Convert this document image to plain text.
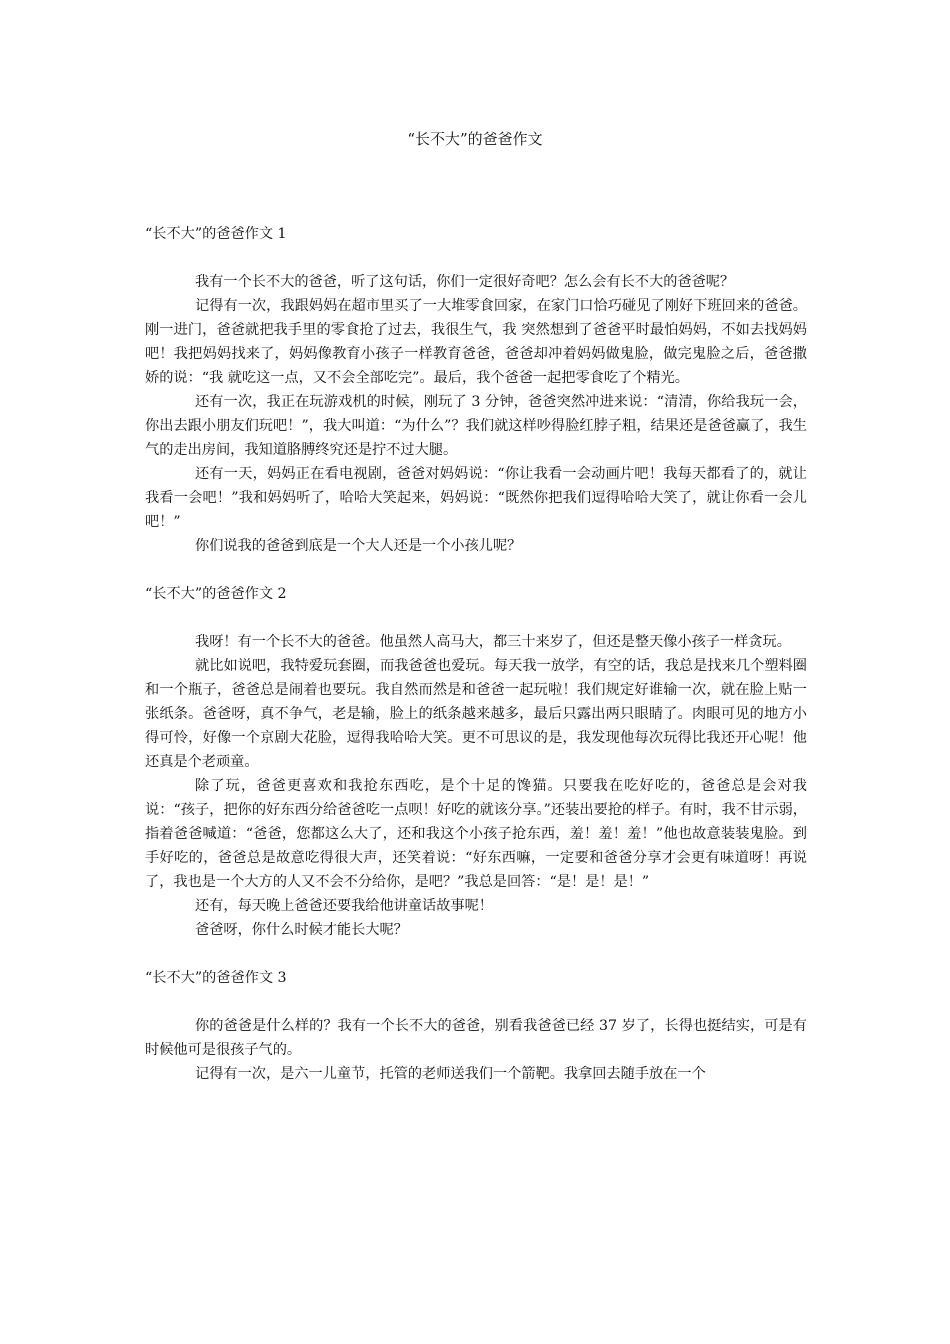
“长不大”的爸爸作文

“长不大”的爸爸作文 1

我有一个长不大的爸爸，听了这句话，你们一定很好奇吧？怎么会有长不大的爸爸呢？

记得有一次，我跟妈妈在超市里买了一大堆零食回家，在家门口恰巧碰见了刚好下班回来的爸爸。刚一进门，爸爸就把我手里的零食抢了过去，我很生气，我 突然想到了爸爸平时最怕妈妈，不如去找妈妈吧！我把妈妈找来了，妈妈像教育小孩子一样教育爸爸，爸爸却冲着妈妈做鬼脸，做完鬼脸之后，爸爸撒娇的说：“我 就吃这一点，又不会全部吃完”。最后，我个爸爸一起把零食吃了个精光。

还有一次，我正在玩游戏机的时候，刚玩了 3 分钟，爸爸突然冲进来说：“清清，你给我玩一会，你出去跟小朋友们玩吧！”，我大叫道：“为什么”？我们就这样吵得脸红脖子粗，结果还是爸爸赢了，我生气的走出房间，我知道胳膊终究还是拧不过大腿。

还有一天，妈妈正在看电视剧，爸爸对妈妈说：“你让我看一会动画片吧！我每天都看了的，就让我看一会吧！”我和妈妈听了，哈哈大笑起来，妈妈说：“既然你把我们逗得哈哈大笑了，就让你看一会儿吧！”

你们说我的爸爸到底是一个大人还是一个小孩儿呢？

“长不大”的爸爸作文 2

我呀！有一个长不大的爸爸。他虽然人高马大，都三十来岁了，但还是整天像小孩子一样贪玩。

就比如说吧，我特爱玩套圈，而我爸爸也爱玩。每天我一放学，有空的话，我总是找来几个塑料圈和一个瓶子，爸爸总是闹着也要玩。我自然而然是和爸爸一起玩啦！我们规定好谁输一次，就在脸上贴一张纸条。爸爸呀，真不争气，老是输，脸上的纸条越来越多，最后只露出两只眼睛了。肉眼可见的地方小得可怜，好像一个京剧大花脸，逗得我哈哈大笑。更不可思议的是，我发现他每次玩得比我还开心呢！他还真是个老顽童。

除了玩，爸爸更喜欢和我抢东西吃，是个十足的馋猫。只要我在吃好吃的，爸爸总是会对我说：“孩子，把你的好东西分给爸爸吃一点呗！好吃的就该分享。”还装出要抢的样子。有时，我不甘示弱，指着爸爸喊道：“爸爸，您都这么大了，还和我这个小孩子抢东西，羞！羞！羞！”他也故意装装鬼脸。到手好吃的，爸爸总是故意吃得很大声，还笑着说：“好东西嘛，一定要和爸爸分享才会更有味道呀！再说了，我也是一个大方的人又不会不分给你，是吧？”我总是回答：“是！是！是！”

还有，每天晚上爸爸还要我给他讲童话故事呢！

爸爸呀，你什么时候才能长大呢？

“长不大”的爸爸作文 3

你的爸爸是什么样的？我有一个长不大的爸爸，别看我爸爸已经 37 岁了，长得也挺结实，可是有时候他可是很孩子气的。

记得有一次，是六一儿童节，托管的老师送我们一个箭靶。我拿回去随手放在一个
